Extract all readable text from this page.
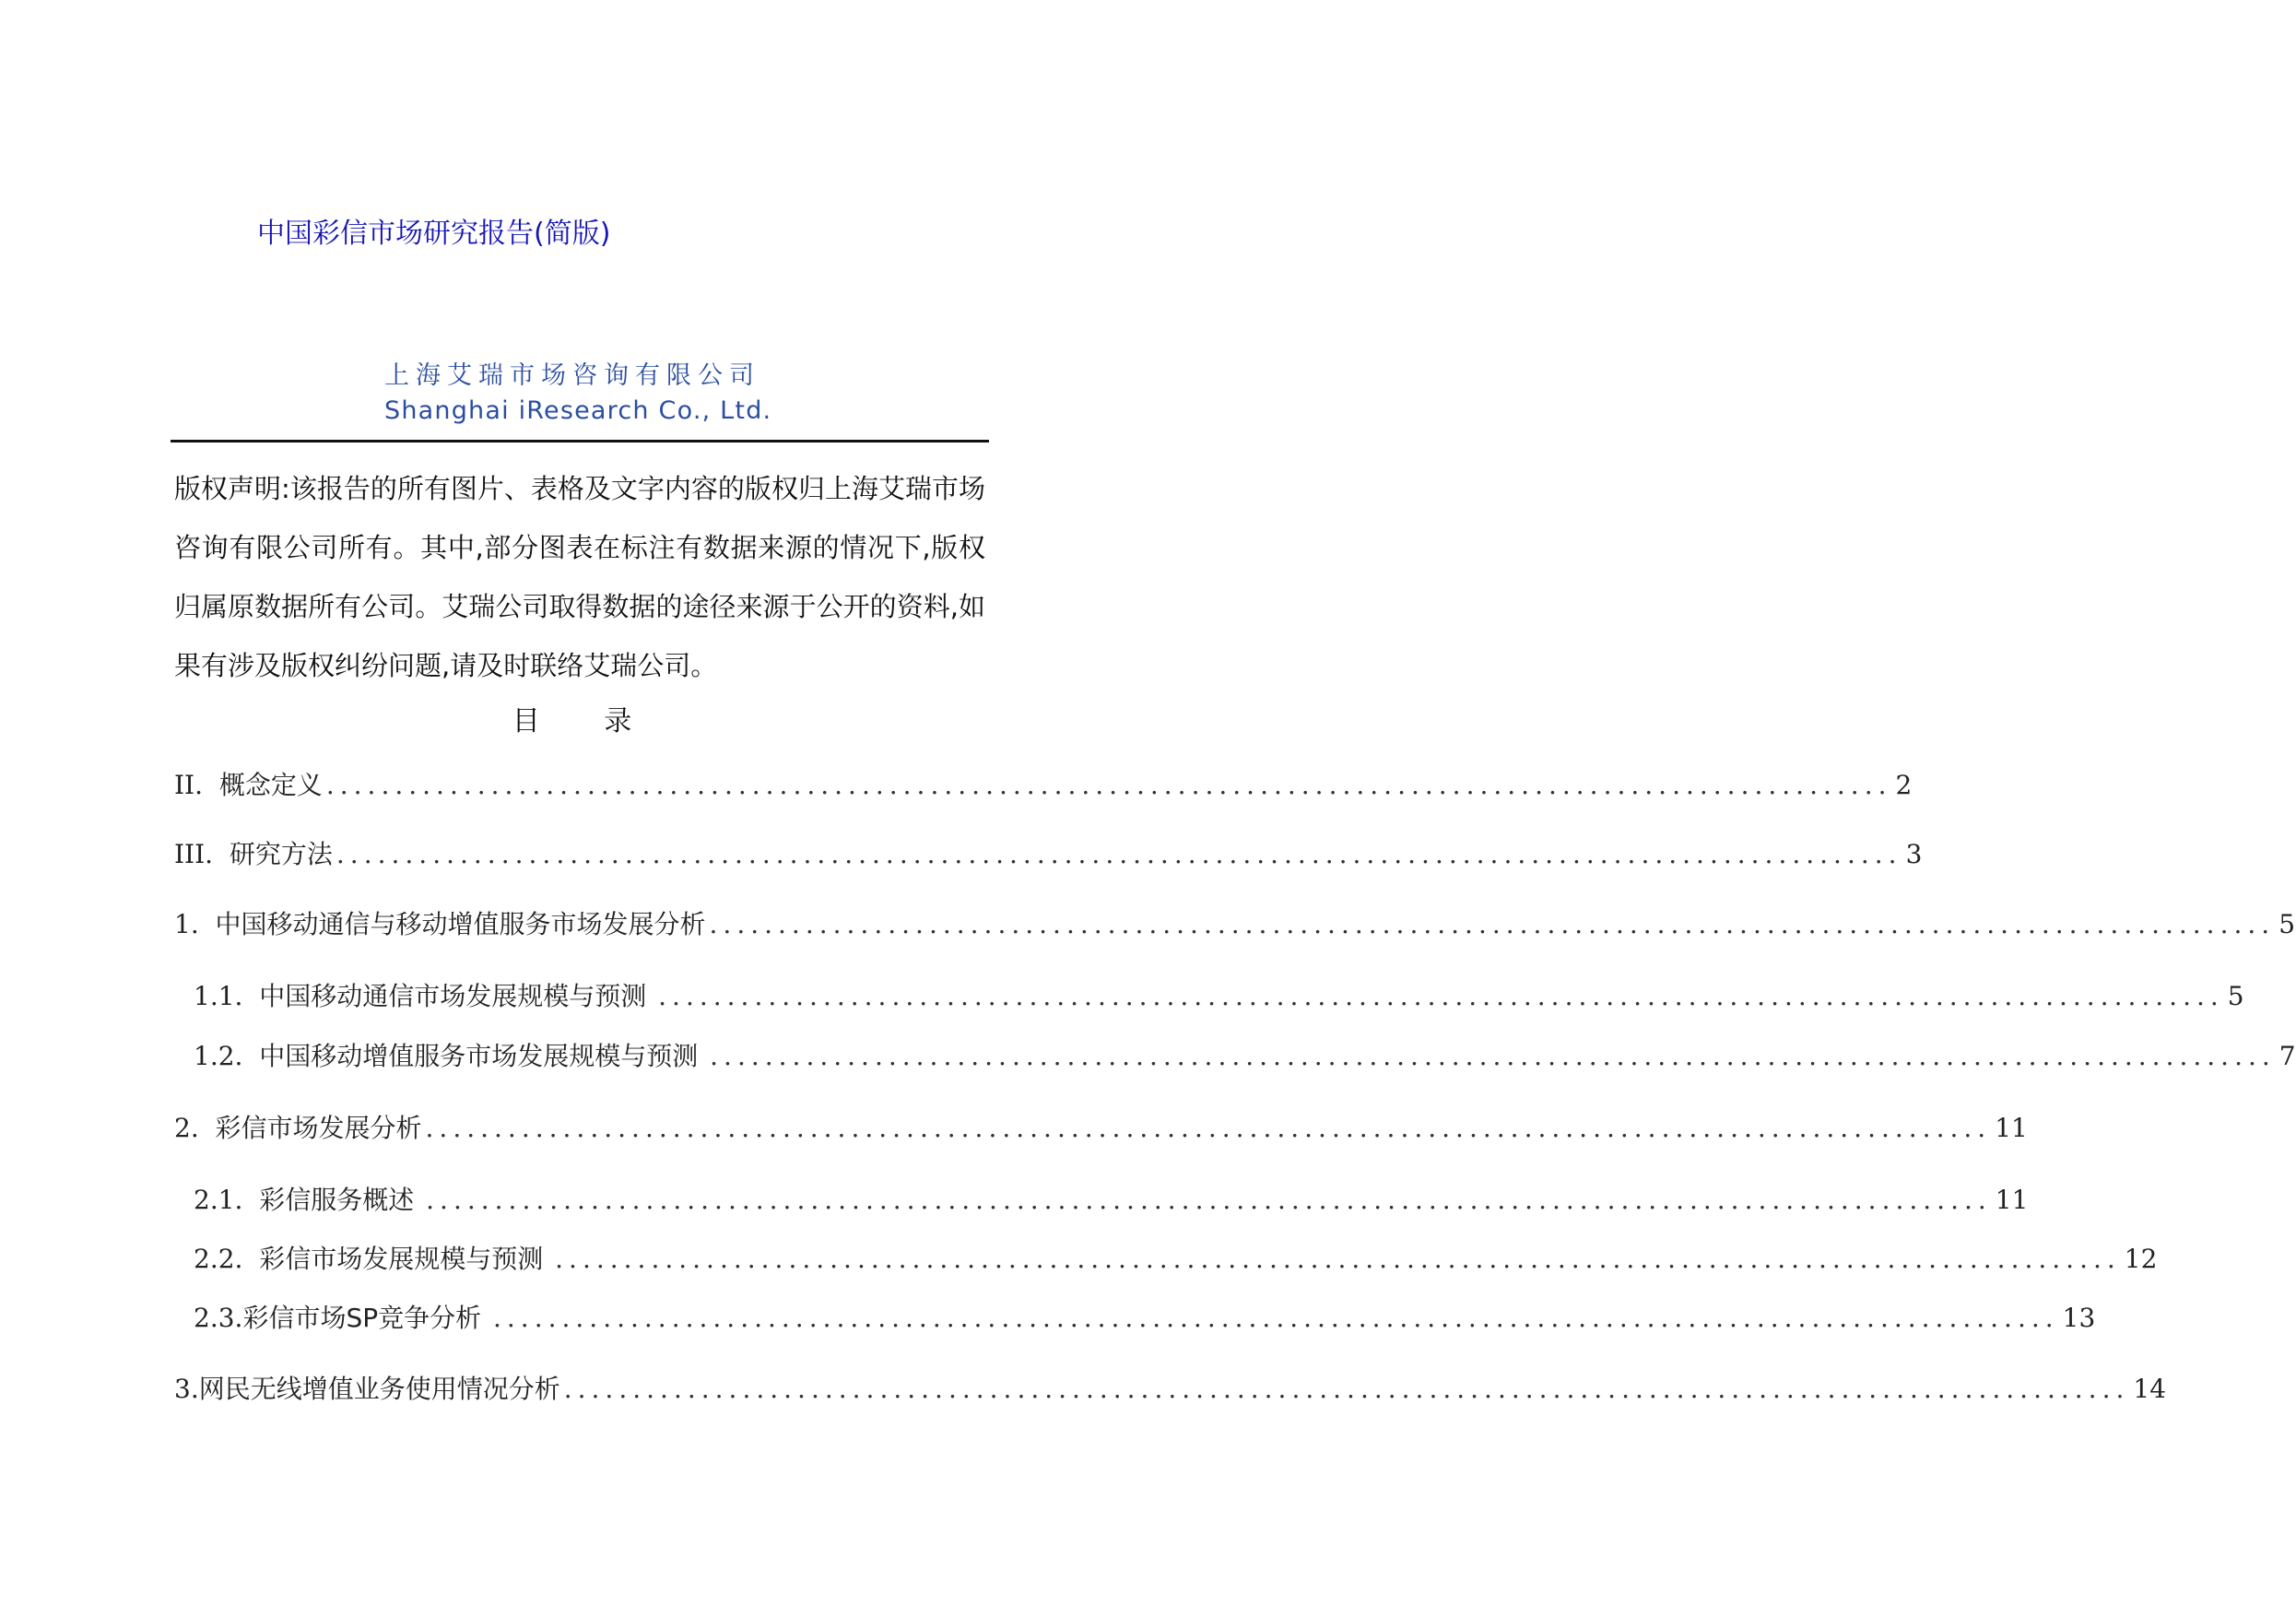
中国彩信市场研究报告(简版)
上海艾瑞市场咨询有限公司
Shanghai iResearch Co., Ltd.
版权声明:该报告的所有图片、表格及文字内容的版权归上海艾瑞市场咨询有限公司所有。其中,部分图表在标注有数据来源的情况下,版权归属原数据所有公司。艾瑞公司取得数据的途径来源于公开的资料,如果有涉及版权纠纷问题,请及时联络艾瑞公司。
目 录
II. 概念定义 .................................................................................................................. 2
III. 研究方法 .................................................................................................................. 3
1. 中国移动通信与移动增值服务市场发展分析 .................................................................................................................. 5
1.1. 中国移动通信市场发展规模与预测 .................................................................................................................. 5
1.2. 中国移动增值服务市场发展规模与预测 .................................................................................................................. 7
2. 彩信市场发展分析 .................................................................................................................. 11
2.1. 彩信服务概述 .................................................................................................................. 11
2.2. 彩信市场发展规模与预测 .................................................................................................................. 12
2.3. 彩信市场SP竞争分析 .................................................................................................................. 13
3. 网民无线增值业务使用情况分析 .................................................................................................................. 14
